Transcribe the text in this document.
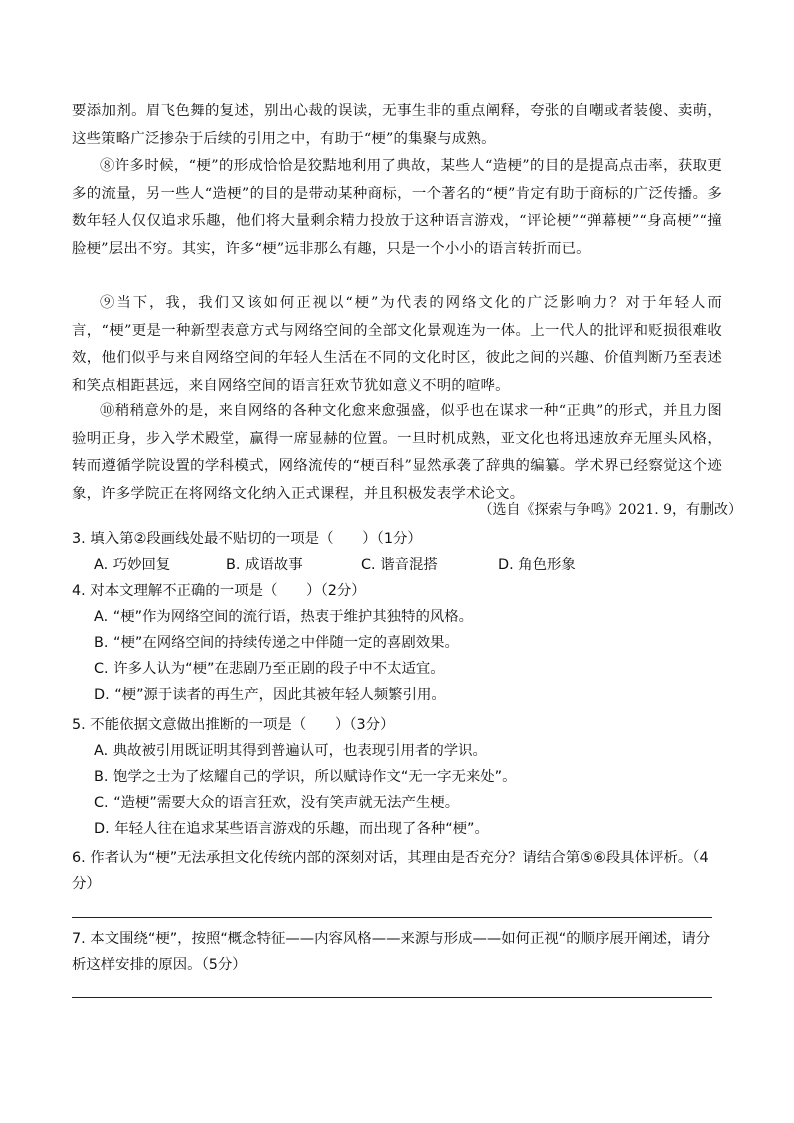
要添加剂。眉飞色舞的复述，别出心裁的误读，无事生非的重点阐释，夸张的自嘲或者装傻、卖萌，这些策略广泛掺杂于后续的引用之中，有助于“梗”的集聚与成熟。
⑧许多时候，“梗”的形成恰恰是狡黠地利用了典故，某些人“造梗”的目的是提高点击率，获取更多的流量，另一些人“造梗”的目的是带动某种商标，一个著名的“梗”肯定有助于商标的广泛传播。多数年轻人仅仅追求乐趣，他们将大量剩余精力投放于这种语言游戏，“评论梗”“弹幕梗”“身高梗”“撞脸梗”层出不穷。其实，许多“梗”远非那么有趣，只是一个小小的语言转折而已。
⑨当下，我，我们又该如何正视以“梗”为代表的网络文化的广泛影响力？对于年轻人而言，“梗”更是一种新型表意方式与网络空间的全部文化景观连为一体。上一代人的批评和贬损很难收效，他们似乎与来自网络空间的年轻人生活在不同的文化时区，彼此之间的兴趣、价值判断乃至表述和笑点相距甚远，来自网络空间的语言狂欢节犹如意义不明的喧哗。
⑩稍稍意外的是，来自网络的各种文化愈来愈强盛，似乎也在谋求一种“正典”的形式，并且力图验明正身，步入学术殿堂，赢得一席显赫的位置。一旦时机成熟，亚文化也将迅速放弃无厘头风格，转而遵循学院设置的学科模式，网络流传的“梗百科”显然承袭了辞典的编纂。学术界已经察觉这个迹象，许多学院正在将网络文化纳入正式课程，并且积极发表学术论文。
（选自《探索与争鸣》2021. 9，有删改）
3. 填入第②段画线处最不贴切的一项是（　　）（1分）
A. 巧妙回复	B. 成语故事	C. 谐音混搭	D. 角色形象
4. 对本文理解不正确的一项是（　　）（2分）
A. “梗”作为网络空间的流行语，热衷于维护其独特的风格。
B. “梗”在网络空间的持续传递之中伴随一定的喜剧效果。
C. 许多人认为“梗”在悲剧乃至正剧的段子中不太适宜。
D. “梗”源于读者的再生产，因此其被年轻人频繁引用。
5. 不能依据文意做出推断的一项是（　　）（3分）
A. 典故被引用既证明其得到普遍认可，也表现引用者的学识。
B. 饱学之士为了炫耀自己的学识，所以赋诗作文“无一字无来处”。
C. “造梗”需要大众的语言狂欢，没有笑声就无法产生梗。
D. 年轻人往在追求某些语言游戏的乐趣，而出现了各种“梗”。
6. 作者认为“梗”无法承担文化传统内部的深刻对话，其理由是否充分？请结合第⑤⑥段具体评析。（4分）
7. 本文围绕“梗”，按照“概念特征——内容风格——来源与形成——如何正视“的顺序展开阐述，请分析这样安排的原因。（5分）
